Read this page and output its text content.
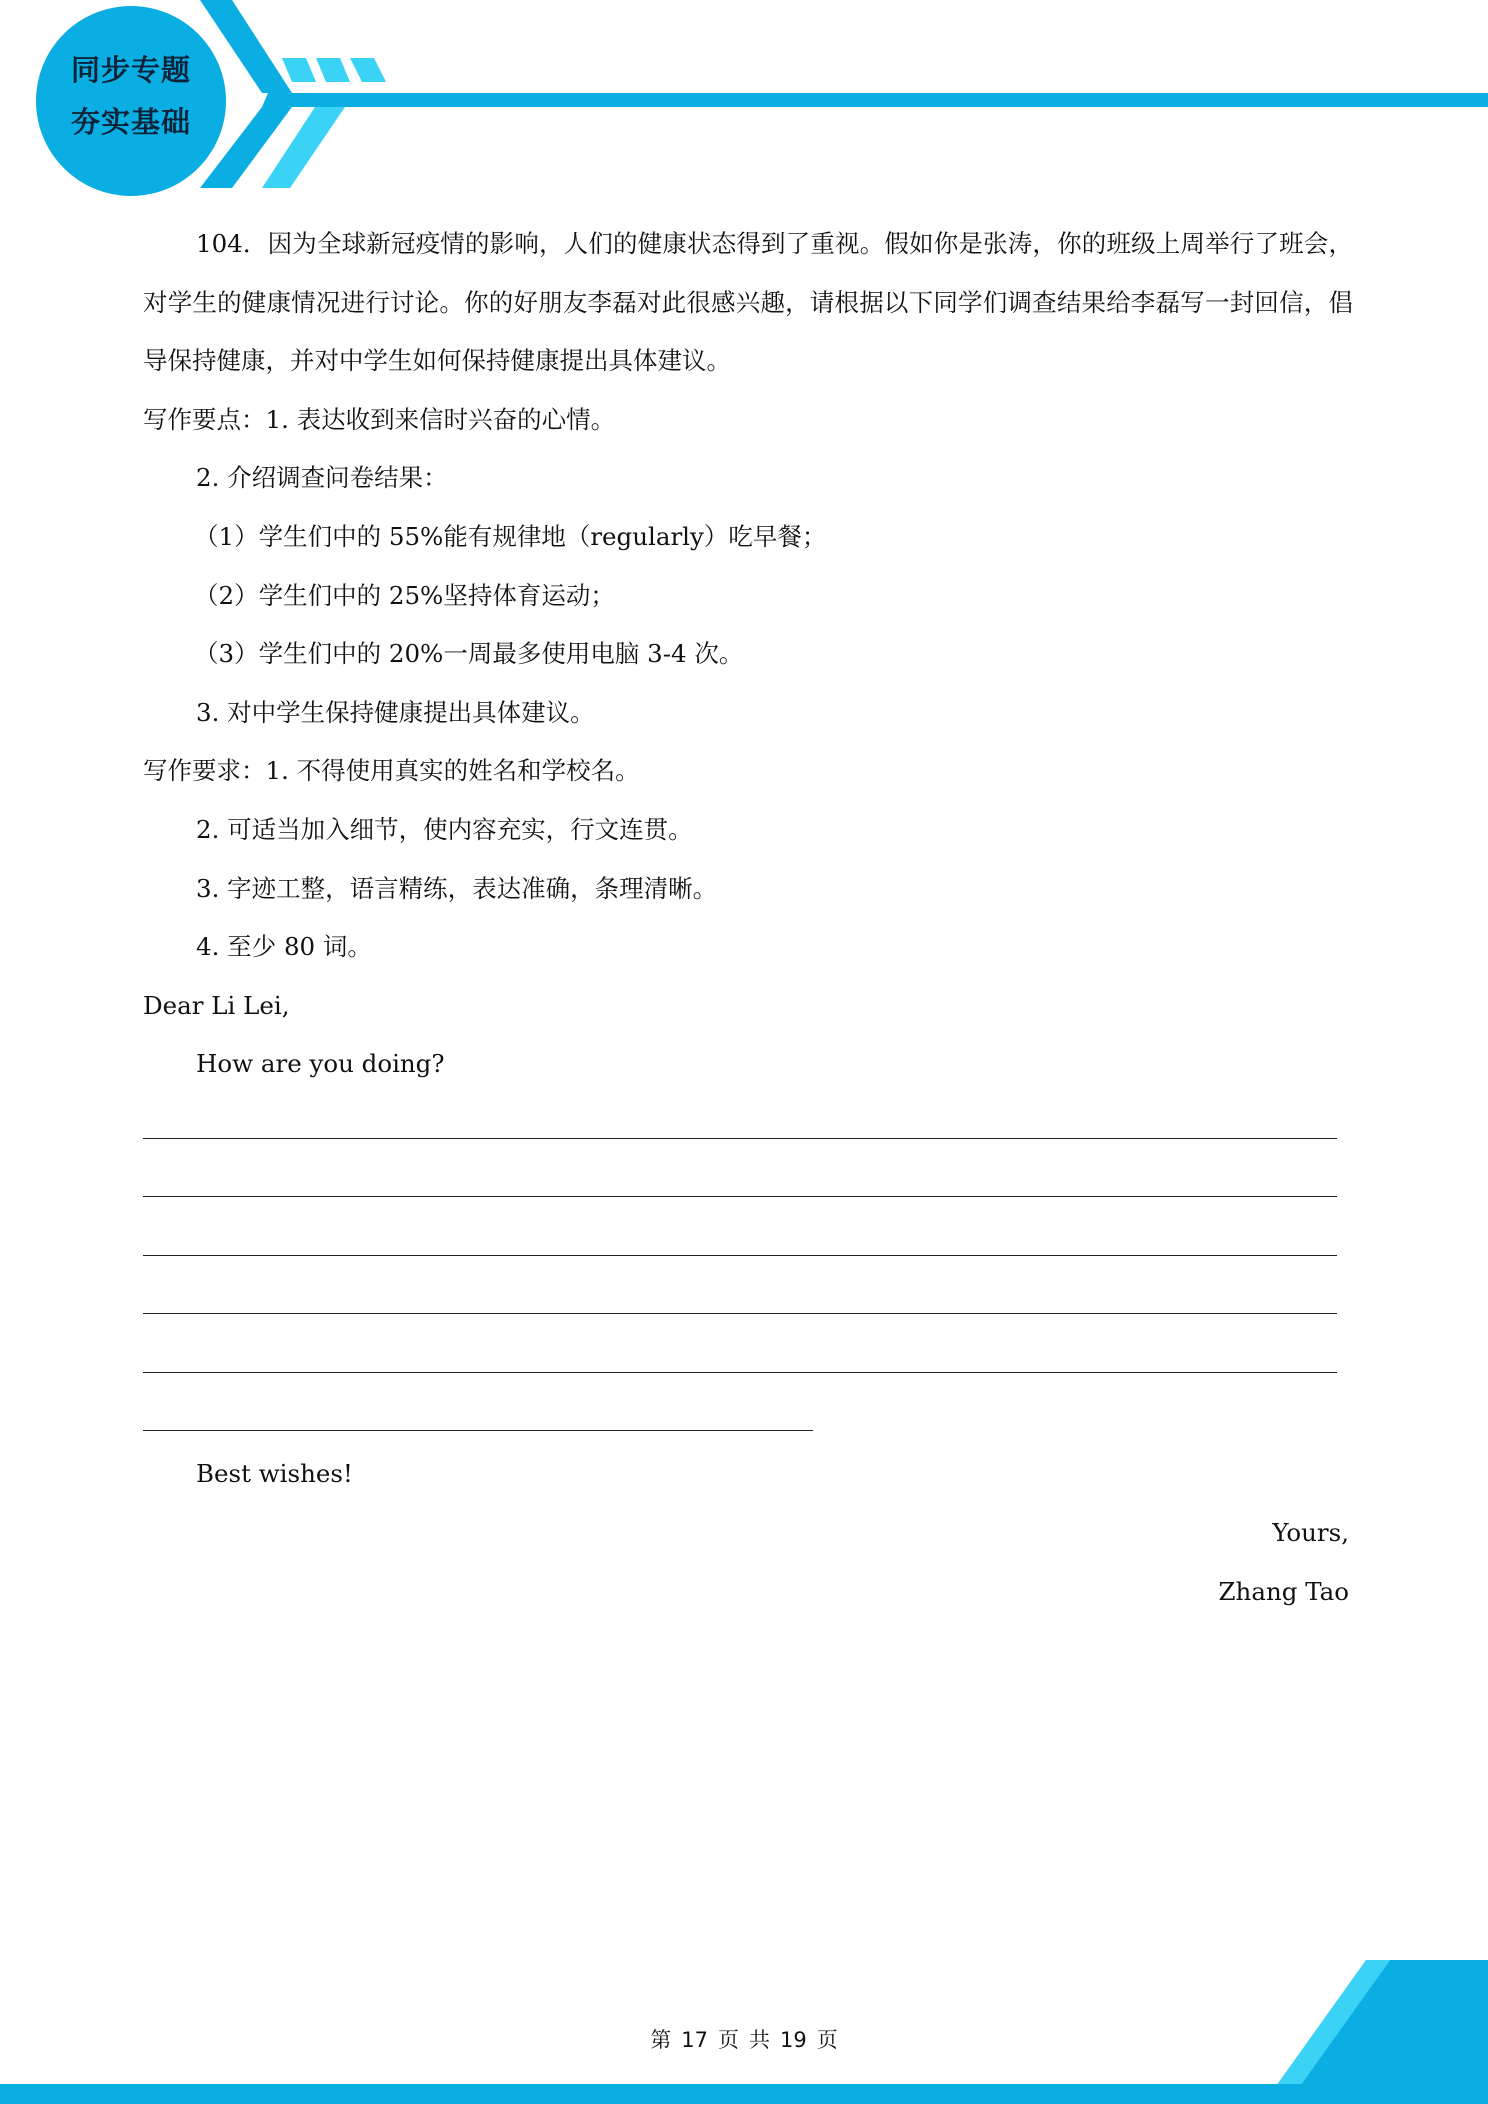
同步专题
夯实基础

104．因为全球新冠疫情的影响，人们的健康状态得到了重视。假如你是张涛，你的班级上周举行了班会，对学生的健康情况进行讨论。你的好朋友李磊对此很感兴趣，请根据以下同学们调查结果给李磊写一封回信，倡导保持健康，并对中学生如何保持健康提出具体建议。

写作要点：1. 表达收到来信时兴奋的心情。
2. 介绍调查问卷结果：
（1）学生们中的 55%能有规律地（regularly）吃早餐；
（2）学生们中的 25%坚持体育运动；
（3）学生们中的 20%一周最多使用电脑 3-4 次。
3. 对中学生保持健康提出具体建议。
写作要求：1. 不得使用真实的姓名和学校名。
2. 可适当加入细节，使内容充实，行文连贯。
3. 字迹工整，语言精练，表达准确，条理清晰。
4. 至少 80 词。
Dear Li Lei,
How are you doing?
Best wishes!
Yours,
Zhang Tao
第 17 页 共 19 页
